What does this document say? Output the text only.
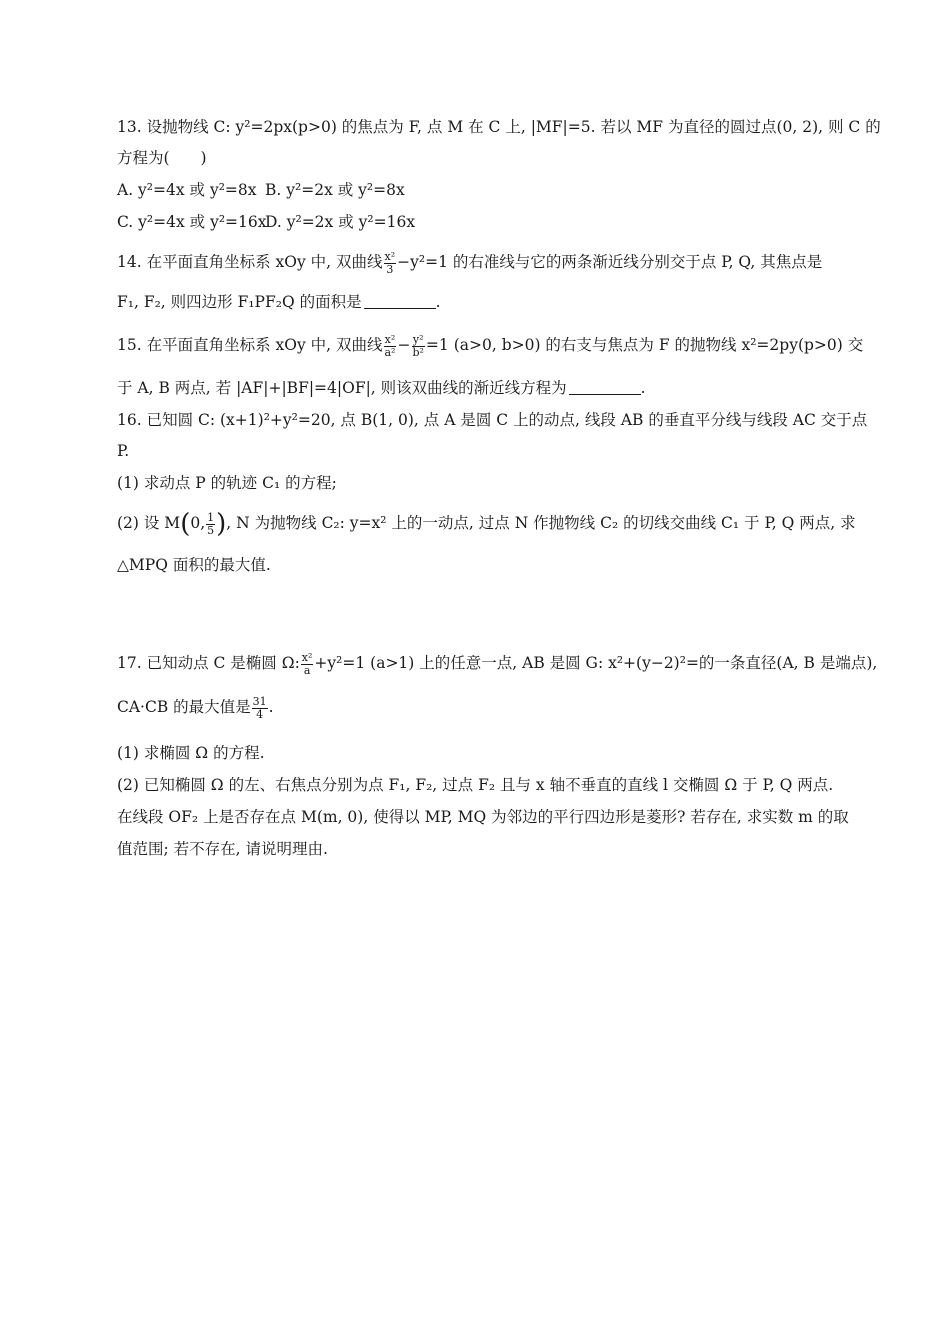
13. 设抛物线 C: y²=2px(p>0) 的焦点为 F, 点 M 在 C 上, |MF|=5. 若以 MF 为直径的圆过点(0, 2), 则 C 的
方程为(　　)
A. y²=4x 或 y²=8x B. y²=2x 或 y²=8x
C. y²=4x 或 y²=16x
D. y²=2x 或 y²=16x
14. 在平面直角坐标系 xOy 中, 双曲线 $\frac{\text{x²}}{3} -y^2=1$ 的右准线与它的两条渐近线分别交于点 P, Q, 其焦点是
F₁, F₂, 则四边形 F₁PF₂Q 的面积是	.
15. 在平面直角坐标系 xOy 中, 双曲线 $\frac{\text{x²}}{\text{a²}} - \frac{\text{y²}}{\text{b²}} =1$ (a>0, b>0) 的右支与焦点为 F 的抛物线 x²=2py(p>0) 交
于 A, B 两点, 若 |AF|+|BF|=4|OF|, 则该双曲线的渐近线方程为	.
16. 已知圆 C: (x+1)²+y²=20, 点 B(1, 0), 点 A 是圆 C 上的动点, 线段 AB 的垂直平分线与线段 AC 交于点
P.
(1) 求动点 P 的轨迹 C₁ 的方程;
(2) 设 M(0, $\frac{1}{5}$ ), N 为抛物线 C₂: y=x² 上的一动点, 过点 N 作抛物线 C₂ 的切线交曲线 C₁ 于 P, Q 两点, 求
△MPQ 面积的最大值.
17. 已知动点 C 是椭圆 Ω: $\frac{\text{x²}}{a} +y^2=1$ (a>1) 上的任意一点, AB 是圆 G: x²+(y−2)²=的一条直径(A, B 是端点),
CA·CB 的最大值是 $\frac{31}{4}$ .
(1) 求椭圆 Ω 的方程.
(2) 已知椭圆 Ω 的左、右焦点分别为点 F₁, F₂, 过点 F₂ 且与 x 轴不垂直的直线 l 交椭圆 Ω 于 P, Q 两点.
在线段 OF₂ 上是否存在点 M(m, 0), 使得以 MP, MQ 为邻边的平行四边形是菱形? 若存在, 求实数 m 的取
值范围; 若不存在, 请说明理由.
